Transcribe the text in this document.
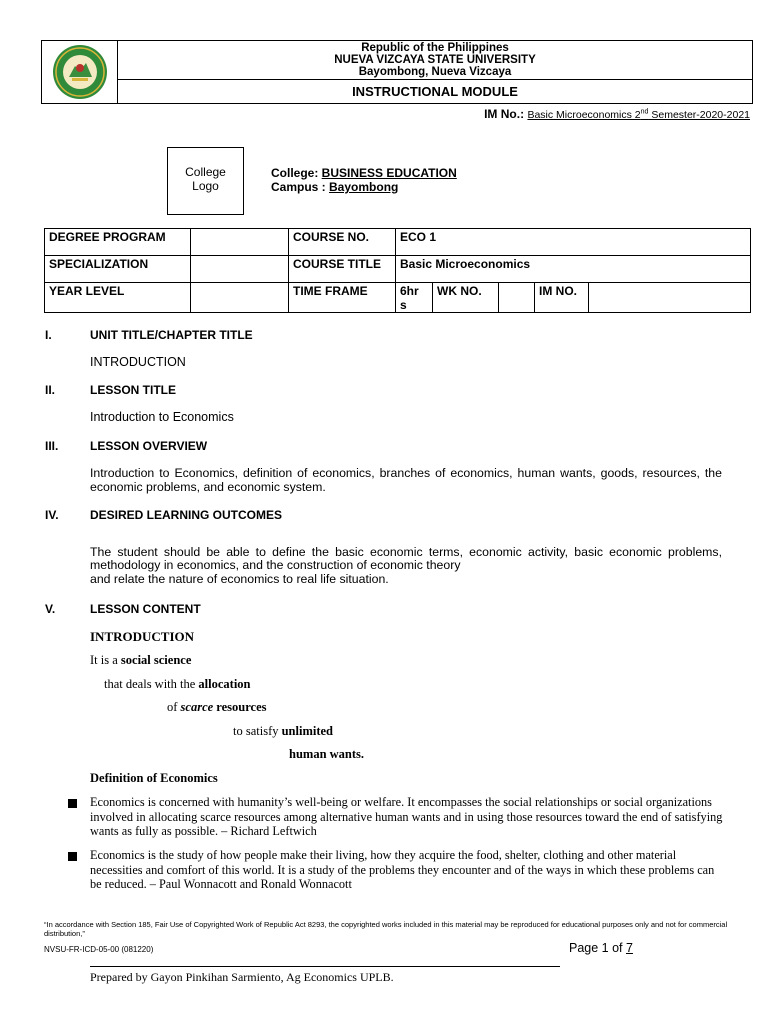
Republic of the Philippines
NUEVA VIZCAYA STATE UNIVERSITY
Bayombong, Nueva Vizcaya
INSTRUCTIONAL MODULE
IM No.: Basic Microeconomics 2nd Semester-2020-2021
College
Logo
College: BUSINESS EDUCATION
Campus : Bayombong
DEGREE PROGRAM		COURSE NO.	ECO 1				
SPECIALIZATION		COURSE TITLE	Basic Microeconomics				
YEAR LEVEL		TIME FRAME	6hr s	WK NO.		IM NO.	
I.	UNIT TITLE/CHAPTER TITLE
INTRODUCTION
II.	LESSON TITLE
Introduction to Economics
III.	LESSON OVERVIEW
Introduction to Economics, definition of economics, branches of economics, human wants, goods, resources, the economic problems, and economic system.
IV.	DESIRED LEARNING OUTCOMES
The student should be able to define the basic economic terms, economic activity, basic economic problems, methodology in economics, and the construction of economic theory
and relate the nature of economics to real life situation.
V.	LESSON CONTENT
INTRODUCTION
It is a social science
that deals with the allocation
of scarce resources
to satisfy unlimited
human wants.
Definition of Economics
Economics is concerned with humanity’s well-being or welfare. It encompasses the social relationships or social organizations involved in allocating scarce resources among alternative human wants and in using those resources toward the end of satisfying wants as fully as possible. – Richard Leftwich
Economics is the study of how people make their living, how they acquire the food, shelter, clothing and other material necessities and comfort of this world. It is a study of the problems they encounter and of the ways in which these problems can be reduced. – Paul Wonnacott and Ronald Wonnacott
“In accordance with Section 185, Fair Use of Copyrighted Work of Republic Act 8293, the copyrighted works included in this material may be reproduced for educational purposes only and not for commercial distribution,”
NVSU-FR-ICD-05-00 (081220)	Page 1 of 7
Prepared by Gayon Pinkihan Sarmiento, Ag Economics UPLB.
